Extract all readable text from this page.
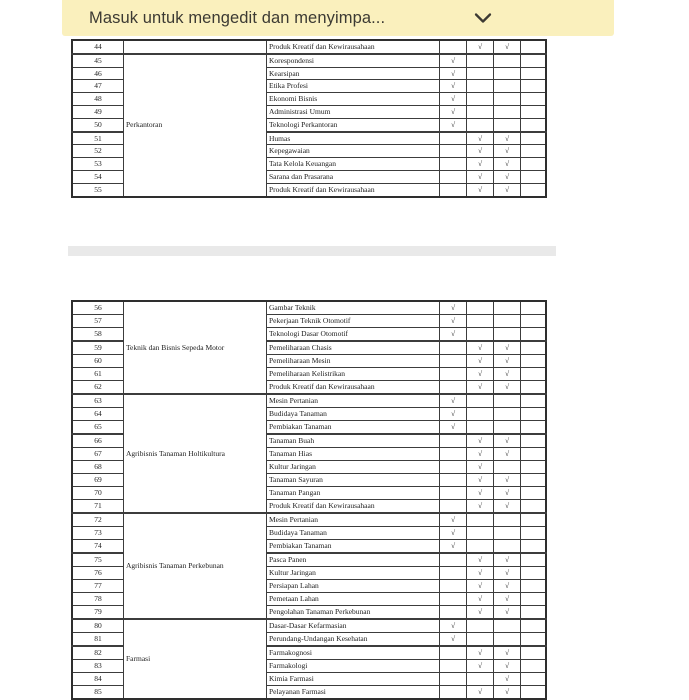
Masuk untuk mengedit dan menyimpa...
44		Produk Kreatif dan Kewirausahaan		√	√	
45	Perkantoran	Korespondensi	√			
46		Kearsipan	√			
47		Etika Profesi	√			
48		Ekonomi Bisnis	√			
49		Administrasi Umum	√			
50		Teknologi Perkantoran	√			
51		Humas		√	√	
52		Kepegawaian		√	√	
53		Tata Kelola Keuangan		√	√	
54		Sarana dan Prasarana		√	√	
55		Produk Kreatif dan Kewirausahaan		√	√	
56	Teknik dan Bisnis Sepeda Motor	Gambar Teknik	√			
57		Pekerjaan Teknik Otomotif	√			
58		Teknologi Dasar Otomotif	√			
59		Pemeliharaan Chasis		√	√	
60		Pemeliharaan Mesin		√	√	
61		Pemeliharaan Kelistrikan		√	√	
62		Produk Kreatif dan Kewirausahaan		√	√	
63	Agribisnis Tanaman Holtikultura	Mesin Pertanian	√			
64		Budidaya Tanaman	√			
65		Pembiakan Tanaman	√			
66		Tanaman Buah		√	√	
67		Tanaman Hias		√	√	
68		Kultur Jaringan		√		
69		Tanaman Sayuran		√	√	
70		Tanaman Pangan		√	√	
71		Produk Kreatif dan Kewirausahaan		√	√	
72	Agribisnis Tanaman Perkebunan	Mesin Pertanian	√			
73		Budidaya Tanaman	√			
74		Pembiakan Tanaman	√			
75		Pasca Panen		√	√	
76		Kultur Jaringan		√	√	
77		Persiapan Lahan		√	√	
78		Pemetaan Lahan		√	√	
79		Pengolahan Tanaman Perkebunan		√	√	
80	Farmasi	Dasar-Dasar Kefarmasian	√			
81		Perundang-Undangan Kesehatan	√			
82		Farmakognosi		√	√	
83		Farmakologi		√	√	
84		Kimia Farmasi			√	
85		Pelayanan Farmasi		√	√	
